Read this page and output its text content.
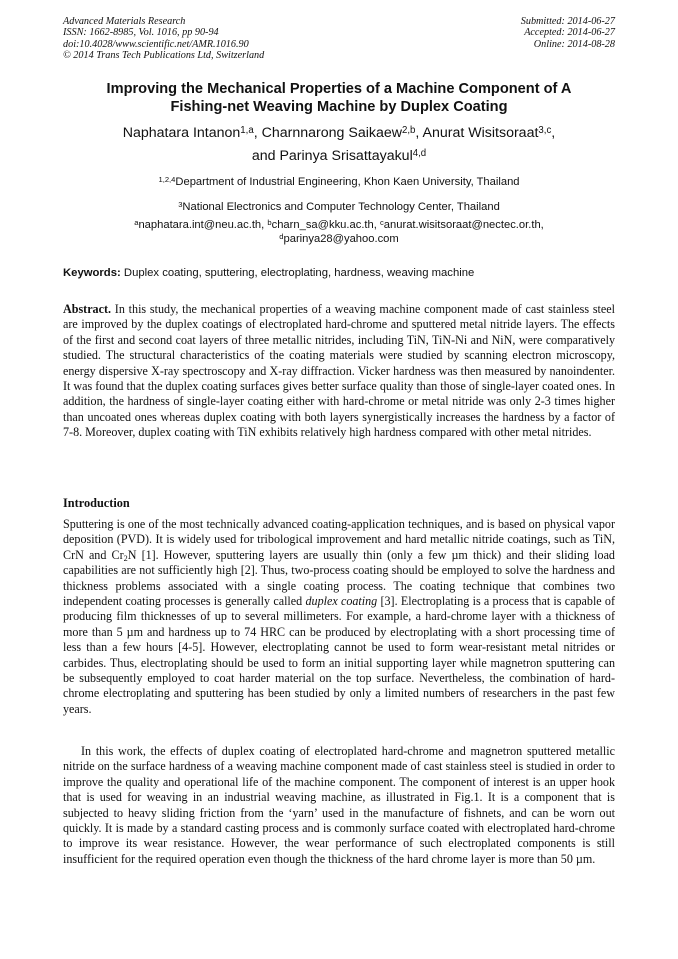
Advanced Materials Research
ISSN: 1662-8985, Vol. 1016, pp 90-94
doi:10.4028/www.scientific.net/AMR.1016.90
© 2014 Trans Tech Publications Ltd, Switzerland
Submitted: 2014-06-27
Accepted: 2014-06-27
Online: 2014-08-28
Improving the Mechanical Properties of a Machine Component of A
Fishing-net Weaving Machine by Duplex Coating
Naphatara Intanon$^{1,a}$, Charnnarong Saikaew$^{2,b}$, Anurat Wisitsoraat$^{3,c}$,
and Parinya Srisattayakul$^{4,d}$
$^{1,2,4}$Department of Industrial Engineering, Khon Kaen University, Thailand
$^3$National Electronics and Computer Technology Center, Thailand
$^a$naphatara.int@neu.ac.th, $^b$charn_sa@kku.ac.th, $^c$anurat.wisitsoraat@nectec.or.th,
$^d$parinya28@yahoo.com
Keywords: Duplex coating, sputtering, electroplating, hardness, weaving machine
Abstract. In this study, the mechanical properties of a weaving machine component made of cast stainless steel are improved by the duplex coatings of electroplated hard-chrome and sputtered metal nitride layers. The effects of the first and second coat layers of three metallic nitrides, including TiN, TiN-Ni and NiN, were comparatively studied. The structural characteristics of the coating materials were studied by scanning electron microscopy, energy dispersive X-ray spectroscopy and X-ray diffraction. Vicker hardness was then measured by nanoindenter. It was found that the duplex coating surfaces gives better surface quality than those of single-layer coated ones. In addition, the hardness of single-layer coating either with hard-chrome or metal nitride was only 2-3 times higher than uncoated ones whereas duplex coating with both layers synergistically increases the hardness by a factor of 7-8. Moreover, duplex coating with TiN exhibits relatively high hardness compared with other metal nitrides.
Introduction
Sputtering is one of the most technically advanced coating-application techniques, and is based on physical vapor deposition (PVD). It is widely used for tribological improvement and hard metallic nitride coatings, such as TiN, CrN and $Cr_2N$ [1]. However, sputtering layers are usually thin (only a few µm thick) and their sliding load capabilities are not sufficiently high [2]. Thus, two-process coating should be employed to solve the hardness and thickness problems associated with a single coating process. The coating technique that combines two independent coating processes is generally called duplex coating [3]. Electroplating is a process that is capable of producing film thicknesses of up to several millimeters. For example, a hard-chrome layer with a thickness of more than 5 µm and hardness up to 74 HRC can be produced by electroplating with a short processing time of less than a few hours [4-5]. However, electroplating cannot be used to form wear-resistant metal nitrides or carbides. Thus, electroplating should be used to form an initial supporting layer while magnetron sputtering can be subsequently employed to coat harder material on the top surface. Nevertheless, the combination of hard-chrome electroplating and sputtering has been studied by only a limited numbers of researchers in the past few years.
In this work, the effects of duplex coating of electroplated hard-chrome and magnetron sputtered metallic nitride on the surface hardness of a weaving machine component made of cast stainless steel is studied in order to improve the quality and operational life of the machine component. The component of interest is an upper hook that is used for weaving in an industrial weaving machine, as illustrated in Fig.1. It is a component that is subjected to heavy sliding friction from the ‘yarn’ used in the manufacture of fishnets, and can be worn out quickly. It is made by a standard casting process and is commonly surface coated with electroplated hard-chrome to improve its wear resistance. However, the wear performance of such electroplated components is still insufficient for the required operation even though the thickness of the hard chrome layer is more than 50 µm.
